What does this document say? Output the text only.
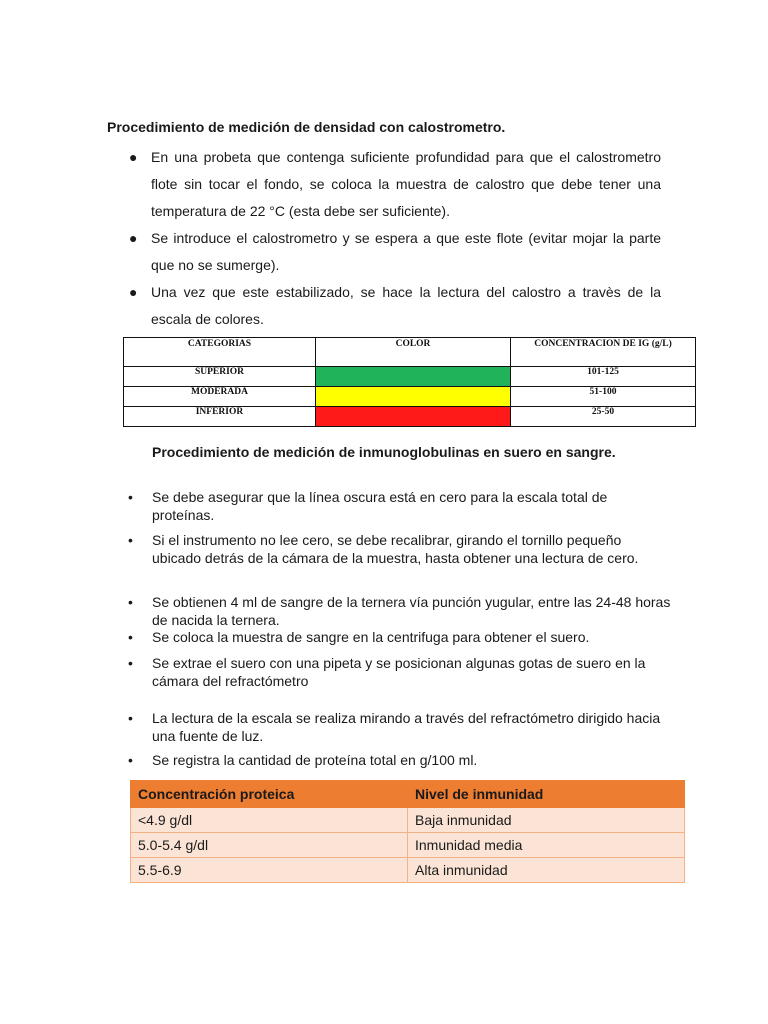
Procedimiento de medición de densidad con calostrometro.

● En una probeta que contenga suficiente profundidad para que el calostrometro flote sin tocar el fondo, se coloca la muestra de calostro que debe tener una temperatura de 22 °C (esta debe ser suficiente).
● Se introduce el calostrometro y se espera a que este flote (evitar mojar la parte que no se sumerge).
● Una vez que este estabilizado, se hace la lectura del calostro a travès de la escala de colores.
CATEGORIAS	COLOR	CONCENTRACION DE IG (g/L)
SUPERIOR		101-125
MODERADA		51-100
INFERIOR		25-50

Procedimiento de medición de inmunoglobulinas en suero en sangre.

• Se debe asegurar que la línea oscura está en cero para la escala total de proteínas.
• Si el instrumento no lee cero, se debe recalibrar, girando el tornillo pequeño ubicado detrás de la cámara de la muestra, hasta obtener una lectura de cero.
• Se obtienen 4 ml de sangre de la ternera vía punción yugular, entre las 24-48 horas de nacida la ternera.
• Se coloca la muestra de sangre en la centrifuga para obtener el suero.
• Se extrae el suero con una pipeta y se posicionan algunas gotas de suero en la cámara del refractómetro
• La lectura de la escala se realiza mirando a través del refractómetro dirigido hacia una fuente de luz.
• Se registra la cantidad de proteína total en g/100 ml.
Concentración proteica	Nivel de inmunidad
<4.9 g/dl	Baja inmunidad
5.0-5.4 g/dl	Inmunidad media
5.5-6.9	Alta inmunidad
